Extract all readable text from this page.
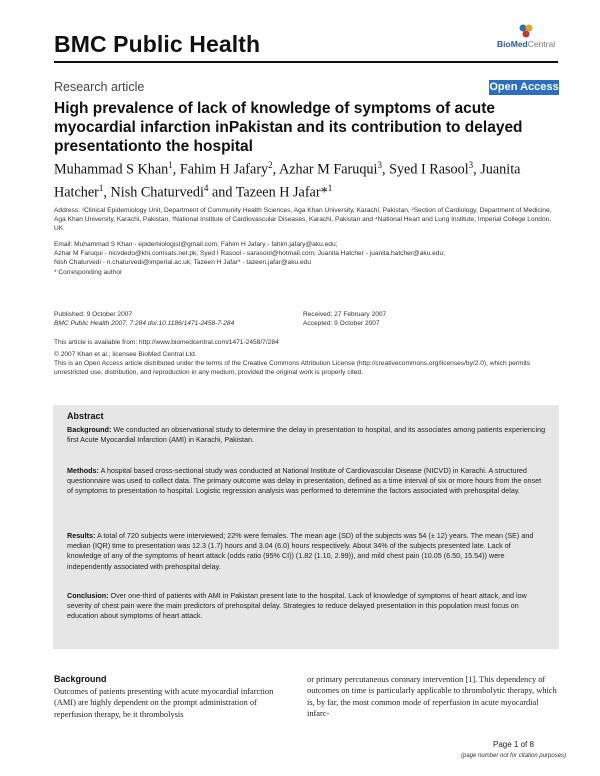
BMC Public Health	BioMedCentral
Research article	Open Access
High prevalence of lack of knowledge of symptoms of acute myocardial infarction inPakistan and its contribution to delayed presentationto the hospital
Muhammad S Khan$^1$, Fahim H Jafary$^2$, Azhar M Faruqui$^3$, Syed I Rasool$^3$, Juanita Hatcher$^1$, Nish Chaturvedi$^4$ and Tazeen H Jafar*$^1$
Address: ¹Clinical Epidemiology Unit, Department of Community Health Sciences, Aga Khan University, Karachi, Pakistan, ²Section of Cardiology, Department of Medicine, Aga Khan University, Karachi, Pakistan, ³National Institute of Cardiovascular Diseases, Karachi, Pakistan and ⁴National Heart and Lung Institute, Imperial College London, UK
Email: Muhammad S Khan - epidemiologist@gmail.com; Fahim H Jafary - fahim.jafary@aku.edu;
Azhar M Faruqui - nicvdedo@khi.comsats.net.pk; Syed I Rasool - sarasool@hotmail.com; Juanita Hatcher - juanita.hatcher@aku.edu;
Nish Chaturvedi - n.chaturvedi@imperial.ac.uk; Tazeen H Jafar* - tazeen.jafar@aku.edu
* Corresponding author
Published: 9 October 2007
BMC Public Health 2007, 7:284 doi:10.1186/1471-2458-7-284
Received: 27 February 2007
Accepted: 9 October 2007
This article is available from: http://www.biomedcentral.com/1471-2458/7/284
© 2007 Khan et al.; licensee BioMed Central Ltd.
This is an Open Access article distributed under the terms of the Creative Commons Attribution License (http://creativecommons.org/licenses/by/2.0), which permits unrestricted use, distribution, and reproduction in any medium, provided the original work is properly cited.
Abstract
Background: We conducted an observational study to determine the delay in presentation to hospital, and its associates among patients experiencing first Acute Myocardial Infarction (AMI) in Karachi, Pakistan.
Methods: A hospital based cross-sectional study was conducted at National Institute of Cardiovascular Disease (NICVD) in Karachi. A structured questionnaire was used to collect data. The primary outcome was delay in presentation, defined as a time interval of six or more hours from the onset of symptoms to presentation to hospital. Logistic regression analysis was performed to determine the factors associated with prehospital delay.
Results: A total of 720 subjects were interviewed; 22% were females. The mean age (SD) of the subjects was 54 (± 12) years. The mean (SE) and median (IQR) time to presentation was 12.3 (1.7) hours and 3.04 (6.0) hours respectively. About 34% of the subjects presented late. Lack of knowledge of any of the symptoms of heart attack (odds ratio (95% CI)) (1.82 (1.10, 2.99)), and mild chest pain (10.05 (6.50, 15.54)) were independently associated with prehospital delay.
Conclusion: Over one-third of patients with AMI in Pakistan present late to the hospital. Lack of knowledge of symptoms of heart attack, and low severity of chest pain were the main predictors of prehospital delay. Strategies to reduce delayed presentation in this population must focus on education about symptoms of heart attack.
Background
Outcomes of patients presenting with acute myocardial infarction (AMI) are highly dependent on the prompt administration of reperfusion therapy, be it thrombolysis
or primary percutaneous coronary intervention [1]. This dependency of outcomes on time is particularly applicable to thrombolytic therapy, which is, by far, the most common mode of reperfusion in acute myocardial infarc-
Page 1 of 8
(page number not for citation purposes)
